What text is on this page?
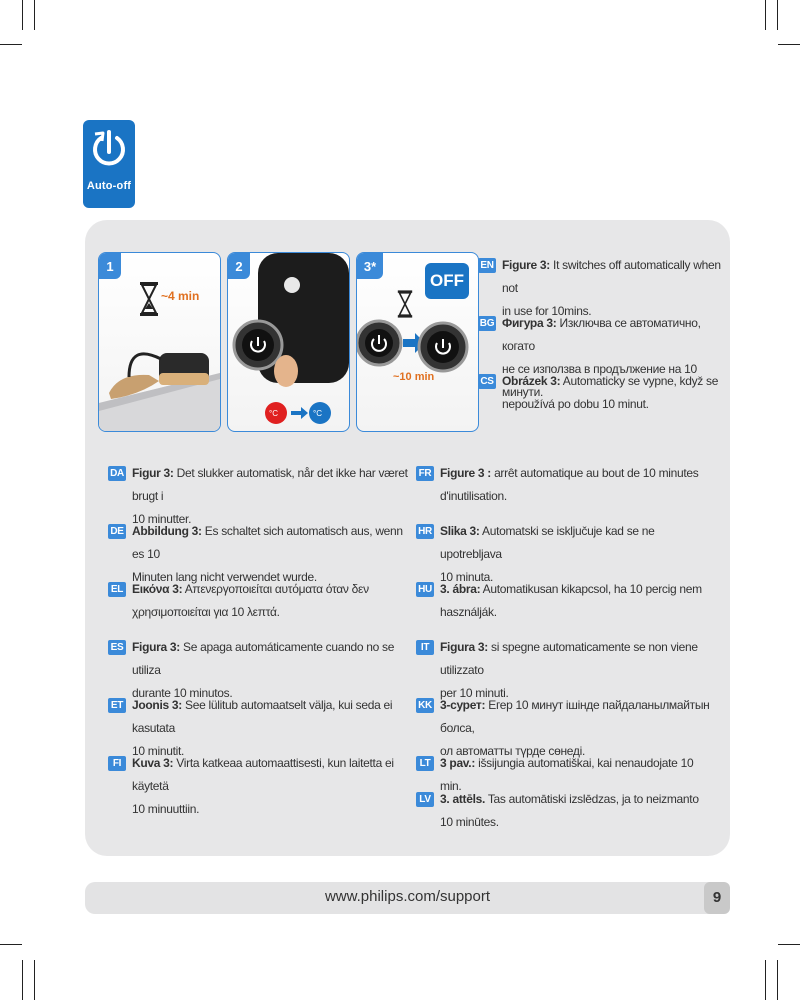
Auto-off
1
~4 min
2
°C	°C
3*
OFF
~10 min
EN Figure 3: It switches off automatically when not
in use for 10mins.
BG Фигура 3: Изключва се автоматично, когато
не се използва в продължение на 10 минути.
CS Obrázek 3: Automaticky se vypne, když se
nepoužívá po dobu 10 minut.
DA Figur 3: Det slukker automatisk, når det ikke har været brugt i
10 minutter.
DE Abbildung 3: Es schaltet sich automatisch aus, wenn es 10
Minuten lang nicht verwendet wurde.
EL Εικόνα 3: Απενεργοποιείται αυτόματα όταν δεν
χρησιμοποιείται για 10 λεπτά.
ES Figura 3: Se apaga automáticamente cuando no se utiliza
durante 10 minutos.
ET Joonis 3: See lülitub automaatselt välja, kui seda ei kasutata
10 minutit.
FI Kuva 3: Virta katkeaa automaattisesti, kun laitetta ei käytetä
10 minuuttiin.
FR Figure 3 : arrêt automatique au bout de 10 minutes
d'inutilisation.
HR Slika 3: Automatski se isključuje kad se ne upotrebljava
10 minuta.
HU 3. ábra: Automatikusan kikapcsol, ha 10 percig nem
használják.
IT Figura 3: si spegne automaticamente se non viene utilizzato
per 10 minuti.
KK 3-сурет: Егер 10 минут ішінде пайдаланылмайтын болса,
ол автоматты түрде сөнеді.
LT 3 pav.: išsijungia automatiškai, kai nenaudojate 10 min.
LV 3. attēls. Tas automātiski izslēdzas, ja to neizmanto
10 minūtes.
www.philips.com/support	9
